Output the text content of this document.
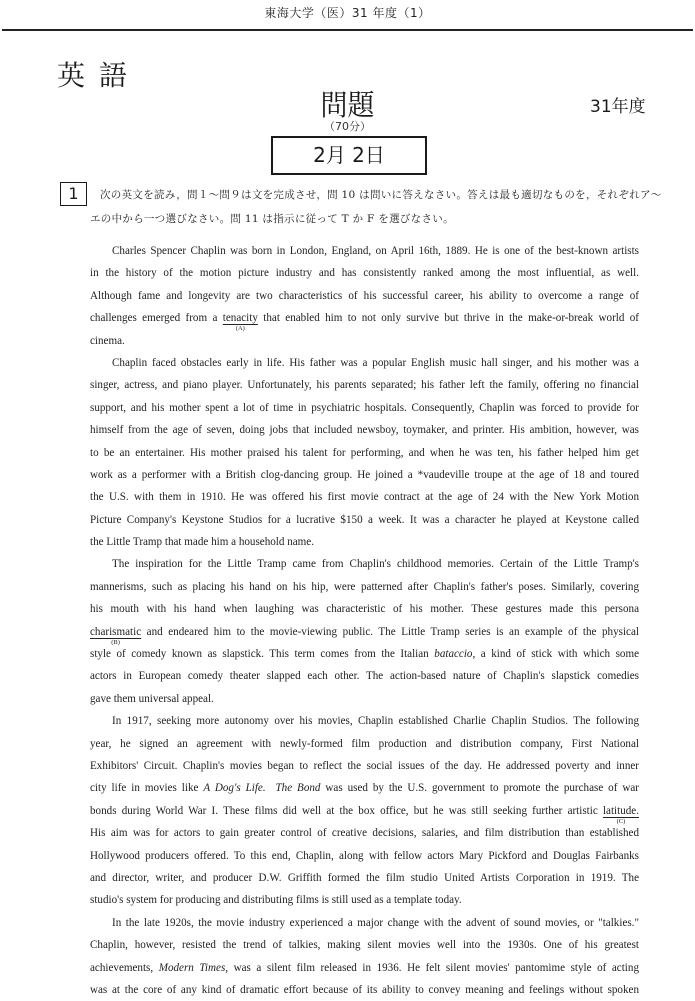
東海大学（医）31 年度（1）
英語
問題	31年度
（70分）
2月 2日
1	次の英文を読み，問１～問９は文を完成させ，問 10 は問いに答えなさい。答えは最も適切なものを，それぞれア～
エの中から一つ選びなさい。問 11 は指示に従って T か F を選びなさい。
Charles Spencer Chaplin was born in London, England, on April 16th, 1889. He is one of the best-known artists
in the history of the motion picture industry and has consistently ranked among the most influential, as well.
Although fame and longevity are two characteristics of his successful career, his ability to overcome a range of
challenges emerged from a tenacity
(A)
that enabled him to not only survive but thrive in the make-or-break world of
cinema.
Chaplin faced obstacles early in life. His father was a popular English music hall singer, and his mother was a
singer, actress, and piano player. Unfortunately, his parents separated; his father left the family, offering no financial
support, and his mother spent a lot of time in psychiatric hospitals. Consequently, Chaplin was forced to provide for
himself from the age of seven, doing jobs that included newsboy, toymaker, and printer. His ambition, however, was
to be an entertainer. His mother praised his talent for performing, and when he was ten, his father helped him get
work as a performer with a British clog-dancing group. He joined a *vaudeville troupe at the age of 18 and toured
the U.S. with them in 1910. He was offered his first movie contract at the age of 24 with the New York Motion
Picture Company's Keystone Studios for a lucrative $150 a week. It was a character he played at Keystone called
the Little Tramp that made him a household name.
The inspiration for the Little Tramp came from Chaplin's childhood memories. Certain of the Little Tramp's
mannerisms, such as placing his hand on his hip, were patterned after Chaplin's father's poses. Similarly, covering
his mouth with his hand when laughing was characteristic of his mother. These gestures made this persona
charismatic
(B)
and endeared him to the movie-viewing public. The Little Tramp series is an example of the physical
style of comedy known as slapstick. This term comes from the Italian bataccio, a kind of stick with which some
actors in European comedy theater slapped each other. The action-based nature of Chaplin's slapstick comedies
gave them universal appeal.
In 1917, seeking more autonomy over his movies, Chaplin established Charlie Chaplin Studios. The following
year, he signed an agreement with newly-formed film production and distribution company, First National
Exhibitors' Circuit. Chaplin's movies began to reflect the social issues of the day. He addressed poverty and inner
city life in movies like A Dog's Life. The Bond was used by the U.S. government to promote the purchase of war
bonds during World War I. These films did well at the box office, but he was still seeking further artistic latitude.
(C)
His aim was for actors to gain greater control of creative decisions, salaries, and film distribution than established
Hollywood producers offered. To this end, Chaplin, along with fellow actors Mary Pickford and Douglas Fairbanks
and director, writer, and producer D.W. Griffith formed the film studio United Artists Corporation in 1919. The
studio's system for producing and distributing films is still used as a template today.
In the late 1920s, the movie industry experienced a major change with the advent of sound movies, or "talkies."
Chaplin, however, resisted the trend of talkies, making silent movies well into the 1930s. One of his greatest
achievements, Modern Times, was a silent film released in 1936. He felt silent movies' pantomime style of acting
was at the core of any kind of dramatic effort because of its ability to convey meaning and feelings without spoken
